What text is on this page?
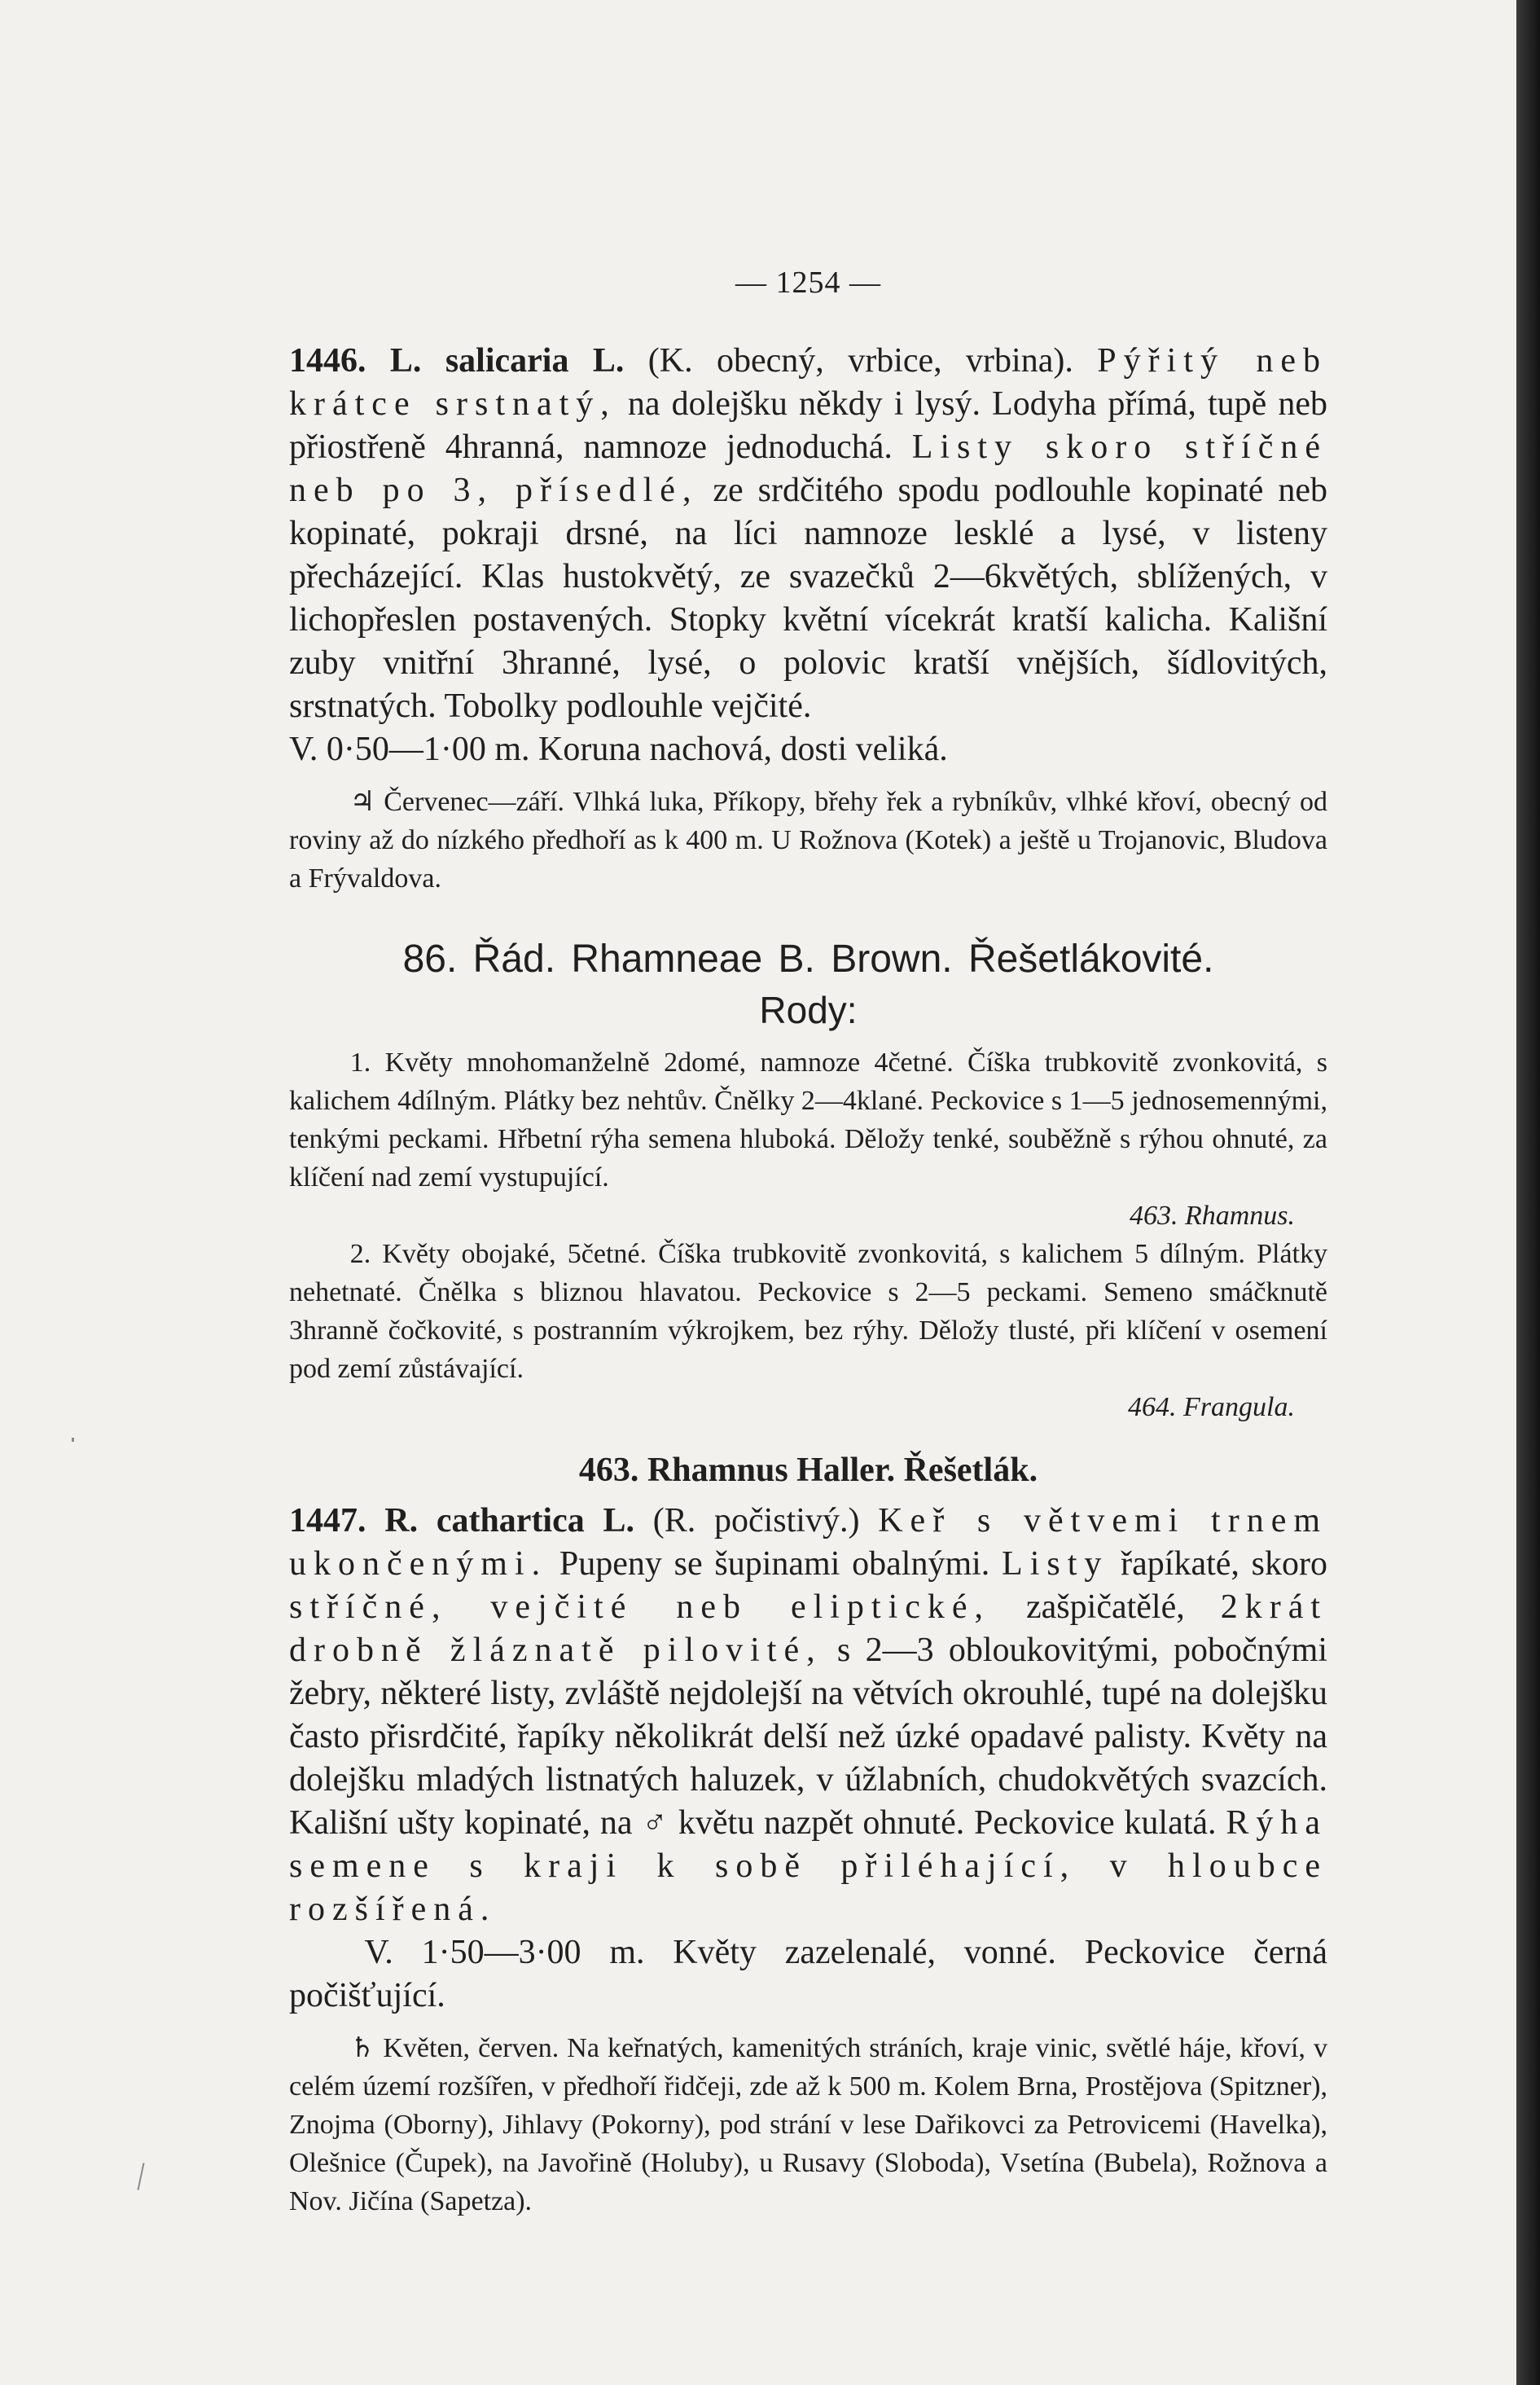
— 1254 —

1446. L. salicaria L. (K. obecný, vrbice, vrbina). Pýřitý neb krátce srstnatý, na dolejšku někdy i lysý. Lodyha přímá, tupě neb přiostřeně 4hranná, namnoze jednoduchá. Listy skoro stříčné neb po 3, přísedlé, ze srdčitého spodu podlouhle kopinaté neb kopinaté, pokraji drsné, na líci namnoze lesklé a lysé, v listeny přecházející. Klas hustokvětý, ze svazečků 2—6květých, sblížených, v lichopřeslen postavených. Stopky květní vícekrát kratší kalicha. Kališní zuby vnitřní 3hranné, lysé, o polovic kratší vnějších, šídlovitých, srstnatých. Tobolky podlouhle vejčité.

V. 0·50—1·00 m. Koruna nachová, dosti veliká.

♃ Červenec—září. Vlhká luka, Příkopy, břehy řek a rybníkův, vlhké křoví, obecný od roviny až do nízkého předhoří as k 400 m. U Rožnova (Kotek) a ještě u Trojanovic, Bludova a Frývaldova.

86. Řád. Rhamneae B. Brown. Řešetlákovité.
Rody:

1. Květy mnohomanželně 2domé, namnoze 4četné. Číška trubkovitě zvonkovitá, s kalichem 4dílným. Plátky bez nehtův. Čnělky 2—4klané. Peckovice s 1—5 jednosemennými, tenkými peckami. Hřbetní rýha semena hluboká. Děložy tenké, souběžně s rýhou ohnuté, za klíčení nad zemí vystupující.

463. Rhamnus.

2. Květy obojaké, 5četné. Číška trubkovitě zvonkovitá, s kalichem 5 dílným. Plátky nehetnaté. Čnělka s bliznou hlavatou. Peckovice s 2—5 peckami. Semeno smáčknutě 3hranně čočkovité, s postranním výkrojkem, bez rýhy. Děložy tlusté, při klíčení v osemení pod zemí zůstávající.

464. Frangula.

463. Rhamnus Haller. Řešetlák.

1447. R. cathartica L. (R. počistivý.) Keř s větvemi trnem ukončenými. Pupeny se šupinami obalnými. Listy řapíkaté, skoro stříčné, vejčité neb eliptické, zašpičatělé, 2krát drobně žláznatě pilovité, s 2—3 obloukovitými, pobočnými žebry, některé listy, zvláště nejdolejší na větvích okrouhlé, tupé na dolejšku často přisrdčité, řapíky několikrát delší než úzké opadavé palisty. Květy na dolejšku mladých listnatých haluzek, v úžlabních, chudokvětých svazcích. Kališní ušty kopinaté, na ♂ květu nazpět ohnuté. Peckovice kulatá. Rýha semene s kraji k sobě přiléhající, v hloubce rozšířená.

V. 1·50—3·00 m. Květy zazelenalé, vonné. Peckovice černá počišťující.

♄ Květen, červen. Na keřnatých, kamenitých stráních, kraje vinic, světlé háje, křoví, v celém území rozšířen, v předhoří řidčeji, zde až k 500 m. Kolem Brna, Prostějova (Spitzner), Znojma (Oborny), Jihlavy (Pokorny), pod strání v lese Dařikovci za Petrovicemi (Havelka), Olešnice (Čupek), na Javořině (Holuby), u Rusavy (Sloboda), Vsetína (Bubela), Rožnova a Nov. Jičína (Sapetza).
